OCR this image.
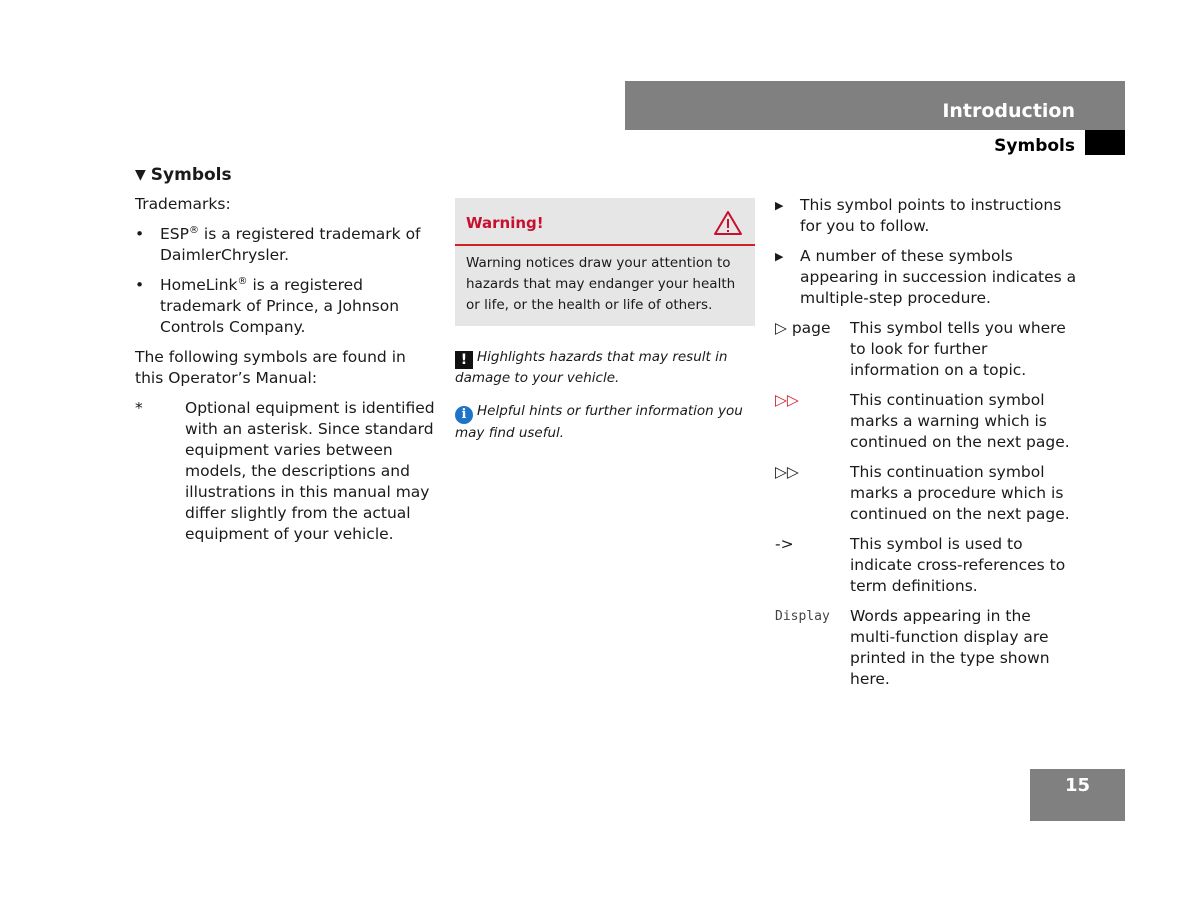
Introduction
Symbols
▼ Symbols

Trademarks:

•	ESP® is a registered trademark of DaimlerChrysler.
•	HomeLink® is a registered trademark of Prince, a Johnson Controls Company.

The following symbols are found in this Operator’s Manual:

*	Optional equipment is identified with an asterisk. Since standard equipment varies between models, the descriptions and illustrations in this manual may differ slightly from the actual equipment of your vehicle.
Warning!
Warning notices draw your attention to hazards that may endanger your health or life, or the health or life of others.
! Highlights hazards that may result in damage to your vehicle.
i Helpful hints or further information you may find useful.
▶	This symbol points to instructions for you to follow.
▶	A number of these symbols appearing in succession indicates a multiple-step procedure.
▷ page	This symbol tells you where to look for further information on a topic.
▷▷	This continuation symbol marks a warning which is continued on the next page.
▷▷	This continuation symbol marks a procedure which is continued on the next page.
->	This symbol is used to indicate cross-references to term definitions.
Display	Words appearing in the multi-function display are printed in the type shown here.
15
